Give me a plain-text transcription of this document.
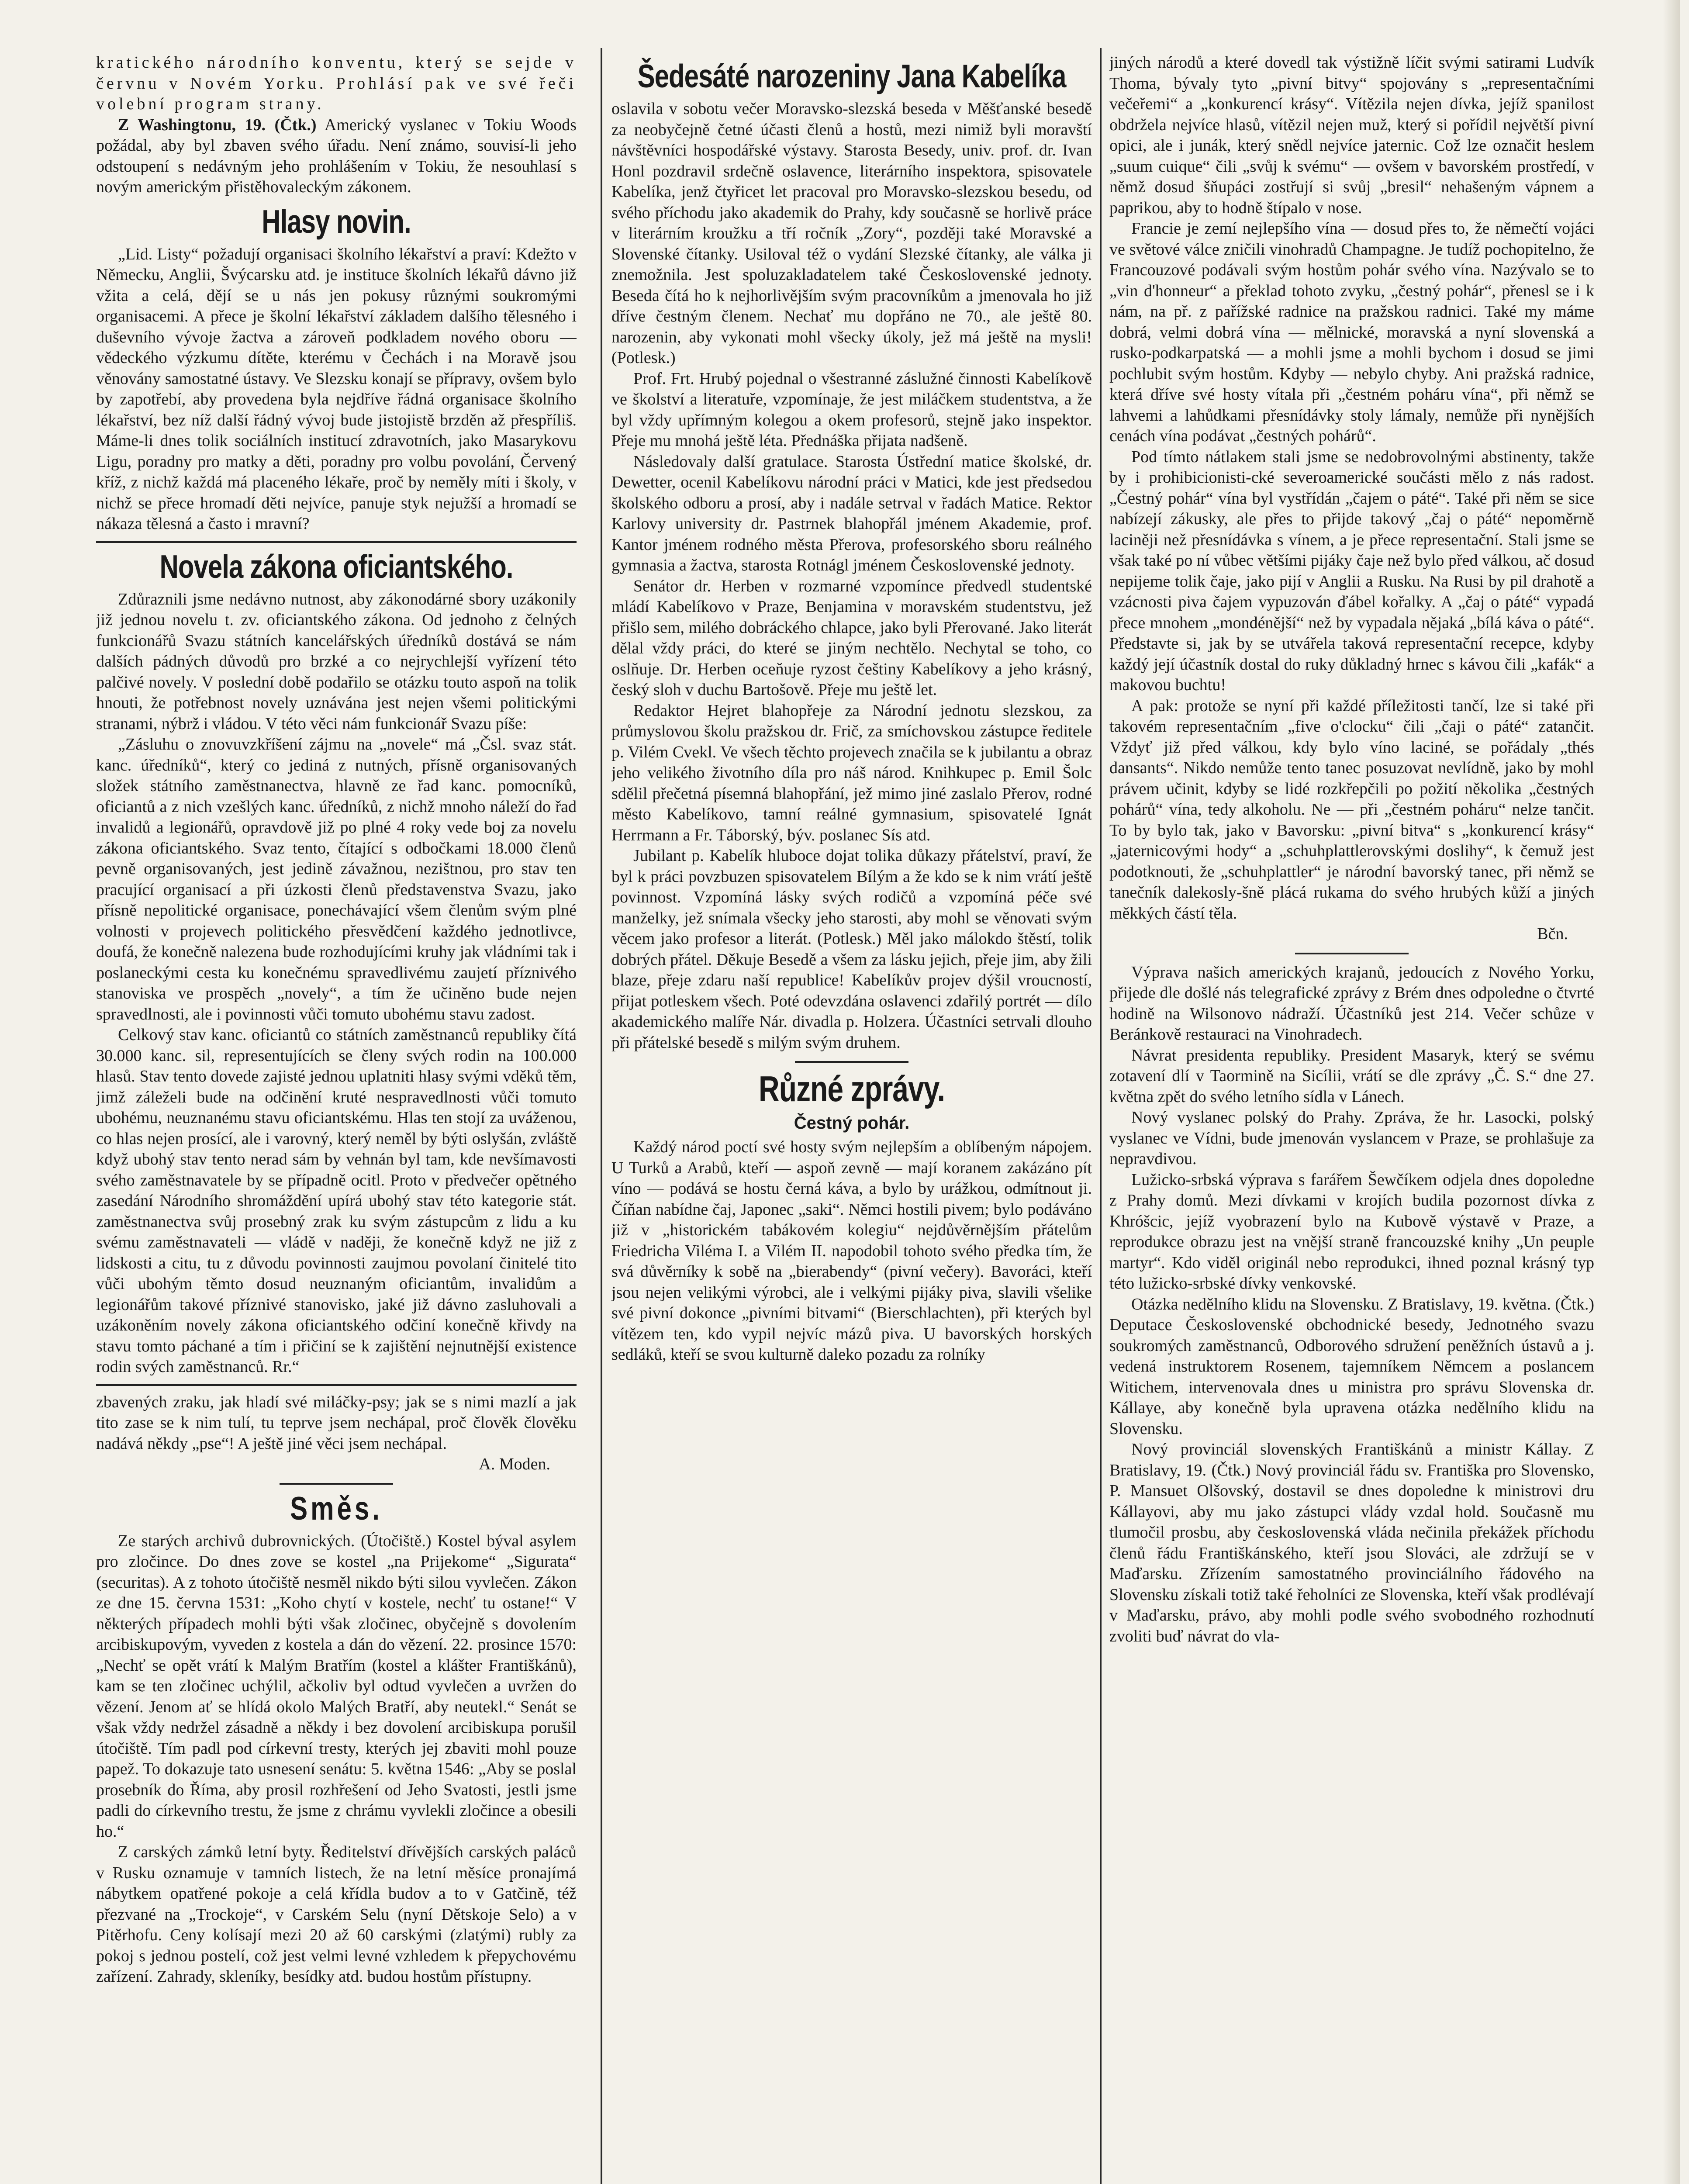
kratického národního konventu, který se sejde v červnu v Novém Yorku. Prohlásí pak ve své řeči volební program strany.

Z Washingtonu, 19. (Čtk.) Americký vyslanec v Tokiu Woods požádal, aby byl zbaven svého úřadu. Není známo, souvisí-li jeho odstoupení s nedávným jeho prohlášením v Tokiu, že nesouhlasí s novým americkým přistěhovaleckým zákonem.

Hlasy novin.

„Lid. Listy“ požadují organisaci školního lékařství a praví: Kdežto v Německu, Anglii, Švýcarsku atd. je instituce školních lékařů dávno již vžita a celá, dějí se u nás jen pokusy různými soukromými organisacemi. A přece je školní lékařství základem dalšího tělesného i duševního vývoje žactva a zároveň podkladem nového oboru — vědeckého výzkumu dítěte, kterému v Čechách i na Moravě jsou věnovány samostatné ústavy. Ve Slezsku konají se přípravy, ovšem bylo by zapotřebí, aby provedena byla nejdříve řádná organisace školního lékařství, bez níž další řádný vývoj bude jistojistě brzděn až přespříliš. Máme-li dnes tolik sociálních institucí zdravotních, jako Masarykovu Ligu, poradny pro matky a děti, poradny pro volbu povolání, Červený kříž, z nichž každá má placeného lékaře, proč by neměly míti i školy, v nichž se přece hromadí děti nejvíce, panuje styk nejužší a hromadí se nákaza tělesná a často i mravní?

Novela zákona oficiantského.

Zdůraznili jsme nedávno nutnost, aby zákonodárné sbory uzákonily již jednou novelu t. zv. oficiantského zákona. Od jednoho z čelných funkcionářů Svazu státních kancelářských úředníků dostává se nám dalších pádných důvodů pro brzké a co nejrychlejší vyřízení této palčivé novely. V poslední době podařilo se otázku touto aspoň na tolik hnouti, že potřebnost novely uznávána jest nejen všemi politickými stranami, nýbrž i vládou. V této věci nám funkcionář Svazu píše:

„Zásluhu o znovuvzkříšení zájmu na „novele“ má „Čsl. svaz stát. kanc. úředníků“, který co jediná z nutných, přísně organisovaných složek státního zaměstnanectva, hlavně ze řad kanc. pomocníků, oficiantů a z nich vzešlých kanc. úředníků, z nichž mnoho náleží do řad invalidů a legionářů, opravdově již po plné 4 roky vede boj za novelu zákona oficiantského. Svaz tento, čítající s odbočkami 18.000 členů pevně organisovaných, jest jedině závažnou, nezištnou, pro stav ten pracující organisací a při úzkosti členů představenstva Svazu, jako přísně nepolitické organisace, ponechávající všem členům svým plné volnosti v projevech politického přesvědčení každého jednotlivce, doufá, že konečně nalezena bude rozhodujícími kruhy jak vládními tak i poslaneckými cesta ku konečnému spravedlivému zaujetí příznivého stanoviska ve prospěch „novely“, a tím že učiněno bude nejen spravedlnosti, ale i povinnosti vůči tomuto ubohému stavu zadost.

Celkový stav kanc. oficiantů co státních zaměstnanců republiky čítá 30.000 kanc. sil, representujících se členy svých rodin na 100.000 hlasů. Stav tento dovede zajisté jednou uplatniti hlasy svými vděků těm, jimž záleželi bude na odčinění kruté nespravedlnosti vůči tomuto ubohému, neuznanému stavu oficiantskému. Hlas ten stojí za uváženou, co hlas nejen prosící, ale i varovný, který neměl by býti oslyšán, zvláště když ubohý stav tento nerad sám by vehnán byl tam, kde nevšímavosti svého zaměstnavatele by se případně ocitl. Proto v předvečer opětného zasedání Národního shromáždění upírá ubohý stav této kategorie stát. zaměstnanectva svůj prosebný zrak ku svým zástupcům z lidu a ku svému zaměstnavateli — vládě v naději, že konečně když ne již z lidskosti a citu, tu z důvodu povinnosti zaujmou povolaní činitelé tito vůči ubohým těmto dosud neuznaným oficiantům, invalidům a legionářům takové příznivé stanovisko, jaké již dávno zasluhovali a uzákoněním novely zákona oficiantského odčiní konečně křivdy na stavu tomto páchané a tím i přičiní se k zajištění nejnutnější existence rodin svých zaměstnanců. Rr.“

zbavených zraku, jak hladí své miláčky-psy; jak se s nimi mazlí a jak tito zase se k nim tulí, tu teprve jsem nechápal, proč člověk člověku nadává někdy „pse“! A ještě jiné věci jsem nechápal.

A. Moden.

Směs.

Ze starých archivů dubrovnických. (Útočiště.) Kostel býval asylem pro zločince. Do dnes zove se kostel „na Prijekome“ „Sigurata“ (securitas). A z tohoto útočiště nesměl nikdo býti silou vyvlečen. Zákon ze dne 15. června 1531: „Koho chytí v kostele, nechť tu ostane!“ V některých případech mohli býti však zločinec, obyčejně s dovolením arcibiskupovým, vyveden z kostela a dán do vězení. 22. prosince 1570: „Nechť se opět vrátí k Malým Bratřím (kostel a klášter Františkánů), kam se ten zločinec uchýlil, ačkoliv byl odtud vyvlečen a uvržen do vězení. Jenom ať se hlídá okolo Malých Bratří, aby neutekl.“ Senát se však vždy nedržel zásadně a někdy i bez dovolení arcibiskupa porušil útočiště. Tím padl pod církevní tresty, kterých jej zbaviti mohl pouze papež. To dokazuje tato usnesení senátu: 5. května 1546: „Aby se poslal prosebník do Říma, aby prosil rozhřešení od Jeho Svatosti, jestli jsme padli do církevního trestu, že jsme z chrámu vyvlekli zločince a obesili ho.“

Z carských zámků letní byty. Ředitelství dřívějších carských paláců v Rusku oznamuje v tamních listech, že na letní měsíce pronajímá nábytkem opatřené pokoje a celá křídla budov a to v Gatčině, též přezvané na „Trockoje“, v Carském Selu (nyní Dětskoje Selo) a v Pitěrhofu. Ceny kolísají mezi 20 až 60 carskými (zlatými) rubly za pokoj s jednou postelí, což jest velmi levné vzhledem k přepychovému zařízení. Zahrady, skleníky, besídky atd. budou hostům přístupny.

Šedesáté narozeniny Jana Kabelíka

oslavila v sobotu večer Moravsko-slezská beseda v Měšťanské besedě za neobyčejně četné účasti členů a hostů, mezi nimiž byli moravští návštěvníci hospodářské výstavy. Starosta Besedy, univ. prof. dr. Ivan Honl pozdravil srdečně oslavence, literárního inspektora, spisovatele Kabelíka, jenž čtyřicet let pracoval pro Moravsko-slezskou besedu, od svého příchodu jako akademik do Prahy, kdy současně se horlivě práce v literárním kroužku a tří ročník „Zory“, později také Moravské a Slovenské čítanky. Usiloval též o vydání Slezské čítanky, ale válka ji znemožnila. Jest spoluzakladatelem také Československé jednoty. Beseda čítá ho k nejhorlivějším svým pracovníkům a jmenovala ho již dříve čestným členem. Nechať mu dopřáno ne 70., ale ještě 80. narozenin, aby vykonati mohl všecky úkoly, jež má ještě na mysli! (Potlesk.)

Prof. Frt. Hrubý pojednal o všestranné záslužné činnosti Kabelíkově ve školství a literatuře, vzpomínaje, že jest miláčkem studentstva, a že byl vždy upřímným kolegou a okem profesorů, stejně jako inspektor. Přeje mu mnohá ještě léta. Přednáška přijata nadšeně.

Následovaly další gratulace. Starosta Ústřední matice školské, dr. Dewetter, ocenil Kabelíkovu národní práci v Matici, kde jest předsedou školského odboru a prosí, aby i nadále setrval v řadách Matice. Rektor Karlovy university dr. Pastrnek blahopřál jménem Akademie, prof. Kantor jménem rodného města Přerova, profesorského sboru reálného gymnasia a žactva, starosta Rotnágl jménem Československé jednoty.

Senátor dr. Herben v rozmarné vzpomínce předvedl studentské mládí Kabelíkovo v Praze, Benjamina v moravském studentstvu, jež přišlo sem, milého dobráckého chlapce, jako byli Přerované. Jako literát dělal vždy práci, do které se jiným nechtělo. Nechytal se toho, co oslňuje. Dr. Herben oceňuje ryzost češtiny Kabelíkovy a jeho krásný, český sloh v duchu Bartošově. Přeje mu ještě let.

Redaktor Hejret blahopřeje za Národní jednotu slezskou, za průmyslovou školu pražskou dr. Frič, za smíchovskou zástupce ředitele p. Vilém Cvekl. Ve všech těchto projevech značila se k jubilantu a obraz jeho velikého životního díla pro náš národ. Knihkupec p. Emil Šolc sdělil přečetná písemná blahopřání, jež mimo jiné zaslalo Přerov, rodné město Kabelíkovo, tamní reálné gymnasium, spisovatelé Ignát Herrmann a Fr. Táborský, býv. poslanec Sís atd.

Jubilant p. Kabelík hluboce dojat tolika důkazy přátelství, praví, že byl k práci povzbuzen spisovatelem Bílým a že kdo se k nim vrátí ještě povinnost. Vzpomíná lásky svých rodičů a vzpomíná péče své manželky, jež snímala všecky jeho starosti, aby mohl se věnovati svým věcem jako profesor a literát. (Potlesk.) Měl jako málokdo štěstí, tolik dobrých přátel. Děkuje Besedě a všem za lásku jejich, přeje jim, aby žili blaze, přeje zdaru naší republice! Kabelíkův projev dýšil vroucností, přijat potleskem všech. Poté odevzdána oslavenci zdařilý portrét — dílo akademického malíře Nár. divadla p. Holzera. Účastníci setrvali dlouho při přátelské besedě s milým svým druhem.

Různé zprávy.
Čestný pohár.

Každý národ poctí své hosty svým nejlepším a oblíbeným nápojem. U Turků a Arabů, kteří — aspoň zevně — mají koranem zakázáno pít víno — podává se hostu černá káva, a bylo by urážkou, odmítnout ji. Číňan nabídne čaj, Japonec „saki“. Němci hostili pivem; bylo podáváno již v „historickém tabákovém kolegiu“ nejdůvěrnějším přátelům Friedricha Viléma I. a Vilém II. napodobil tohoto svého předka tím, že svá důvěrníky k sobě na „bierabendy“ (pivní večery). Bavoráci, kteří jsou nejen velikými výrobci, ale i velkými pijáky piva, slavili všelike své pivní dokonce „pivními bitvami“ (Bierschlachten), při kterých byl vítězem ten, kdo vypil nejvíc mázů piva. U bavorských horských sedláků, kteří se svou kulturně daleko pozadu za rolníky

jiných národů a které dovedl tak výstižně líčit svými satirami Ludvík Thoma, bývaly tyto „pivní bitvy“ spojovány s „representačními večeřemi“ a „konkurencí krásy“. Vítězila nejen dívka, jejíž spanilost obdržela nejvíce hlasů, vítězil nejen muž, který si pořídil největší pivní opici, ale i junák, který snědl nejvíce jaternic. Což lze označit heslem „suum cuique“ čili „svůj k svému“ — ovšem v bavorském prostředí, v němž dosud šňupáci zostřují si svůj „bresil“ nehašeným vápnem a paprikou, aby to hodně štípalo v nose.

Francie je zemí nejlepšího vína — dosud přes to, že němečtí vojáci ve světové válce zničili vinohradů Champagne. Je tudíž pochopitelno, že Francouzové podávali svým hostům pohár svého vína. Nazývalo se to „vin d'honneur“ a překlad tohoto zvyku, „čestný pohár“, přenesl se i k nám, na př. z pařížské radnice na pražskou radnici. Také my máme dobrá, velmi dobrá vína — mělnické, moravská a nyní slovenská a rusko-podkarpatská — a mohli jsme a mohli bychom i dosud se jimi pochlubit svým hostům. Kdyby — nebylo chyby. Ani pražská radnice, která dříve své hosty vítala při „čestném poháru vína“, při němž se lahvemi a lahůdkami přesnídávky stoly lámaly, nemůže při nynějších cenách vína podávat „čestných pohárů“.

Pod tímto nátlakem stali jsme se nedobrovolnými abstinenty, takže by i prohibicionisti-cké severoamerické součásti mělo z nás radost. „Čestný pohár“ vína byl vystřídán „čajem o páté“. Také při něm se sice nabízejí zákusky, ale přes to přijde takový „čaj o páté“ nepoměrně laciněji než přesnídávka s vínem, a je přece representační. Stali jsme se však také po ní vůbec většími pijáky čaje než bylo před válkou, ač dosud nepijeme tolik čaje, jako pijí v Anglii a Rusku. Na Rusi by pil drahotě a vzácnosti piva čajem vypuzován ďábel kořalky. A „čaj o páté“ vypadá přece mnohem „mondénější“ než by vypadala nějaká „bílá káva o páté“. Představte si, jak by se utvářela taková representační recepce, kdyby každý její účastník dostal do ruky důkladný hrnec s kávou čili „kafák“ a makovou buchtu!

A pak: protože se nyní při každé příležitosti tančí, lze si také při takovém representačním „five o'clocku“ čili „čaji o páté“ zatančit. Vždyť již před válkou, kdy bylo víno laciné, se pořádaly „thés dansants“. Nikdo nemůže tento tanec posuzovat nevlídně, jako by mohl právem učinit, kdyby se lidé rozkřepčili po požití několika „čestných pohárů“ vína, tedy alkoholu. Ne — při „čestném poháru“ nelze tančit. To by bylo tak, jako v Bavorsku: „pivní bitva“ s „konkurencí krásy“ „jaternicovými hody“ a „schuhplattlerovskými doslihy“, k čemuž jest podotknouti, že „schuhplattler“ je národní bavorský tanec, při němž se tanečník dalekosly-šně plácá rukama do svého hrubých kůží a jiných měkkých částí těla.

Bčn.

Výprava našich amerických krajanů, jedoucích z Nového Yorku, přijede dle došlé nás telegrafické zprávy z Brém dnes odpoledne o čtvrté hodině na Wilsonovo nádraží. Účastníků jest 214. Večer schůze v Beránkově restauraci na Vinohradech.

Návrat presidenta republiky. President Masaryk, který se svému zotavení dlí v Taormině na Sicílii, vrátí se dle zprávy „Č. S.“ dne 27. května zpět do svého letního sídla v Lánech.

Nový vyslanec polský do Prahy. Zpráva, že hr. Lasocki, polský vyslanec ve Vídni, bude jmenován vyslancem v Praze, se prohlašuje za nepravdivou.

Lužicko-srbská výprava s farářem Šewčíkem odjela dnes dopoledne z Prahy domů. Mezi dívkami v krojích budila pozornost dívka z Khróšcic, jejíž vyobrazení bylo na Kubově výstavě v Praze, a reprodukce obrazu jest na vnější straně francouzské knihy „Un peuple martyr“. Kdo viděl originál nebo reprodukci, ihned poznal krásný typ této lužicko-srbské dívky venkovské.

Otázka nedělního klidu na Slovensku. Z Bratislavy, 19. května. (Čtk.) Deputace Československé obchodnické besedy, Jednotného svazu soukromých zaměstnanců, Odborového sdružení peněžních ústavů a j. vedená instruktorem Rosenem, tajemníkem Němcem a poslancem Witichem, intervenovala dnes u ministra pro správu Slovenska dr. Kállaye, aby konečně byla upravena otázka nedělního klidu na Slovensku.

Nový provinciál slovenských Františkánů a ministr Kállay. Z Bratislavy, 19. (Čtk.) Nový provinciál řádu sv. Františka pro Slovensko, P. Mansuet Olšovský, dostavil se dnes dopoledne k ministrovi dru Kállayovi, aby mu jako zástupci vlády vzdal hold. Současně mu tlumočil prosbu, aby československá vláda nečinila překážek příchodu členů řádu Františkánského, kteří jsou Slováci, ale zdržují se v Maďarsku. Zřízením samostatného provinciálního řádového na Slovensku získali totiž také řeholníci ze Slovenska, kteří však prodlévají v Maďarsku, právo, aby mohli podle svého svobodného rozhodnutí zvoliti buď návrat do vla-
